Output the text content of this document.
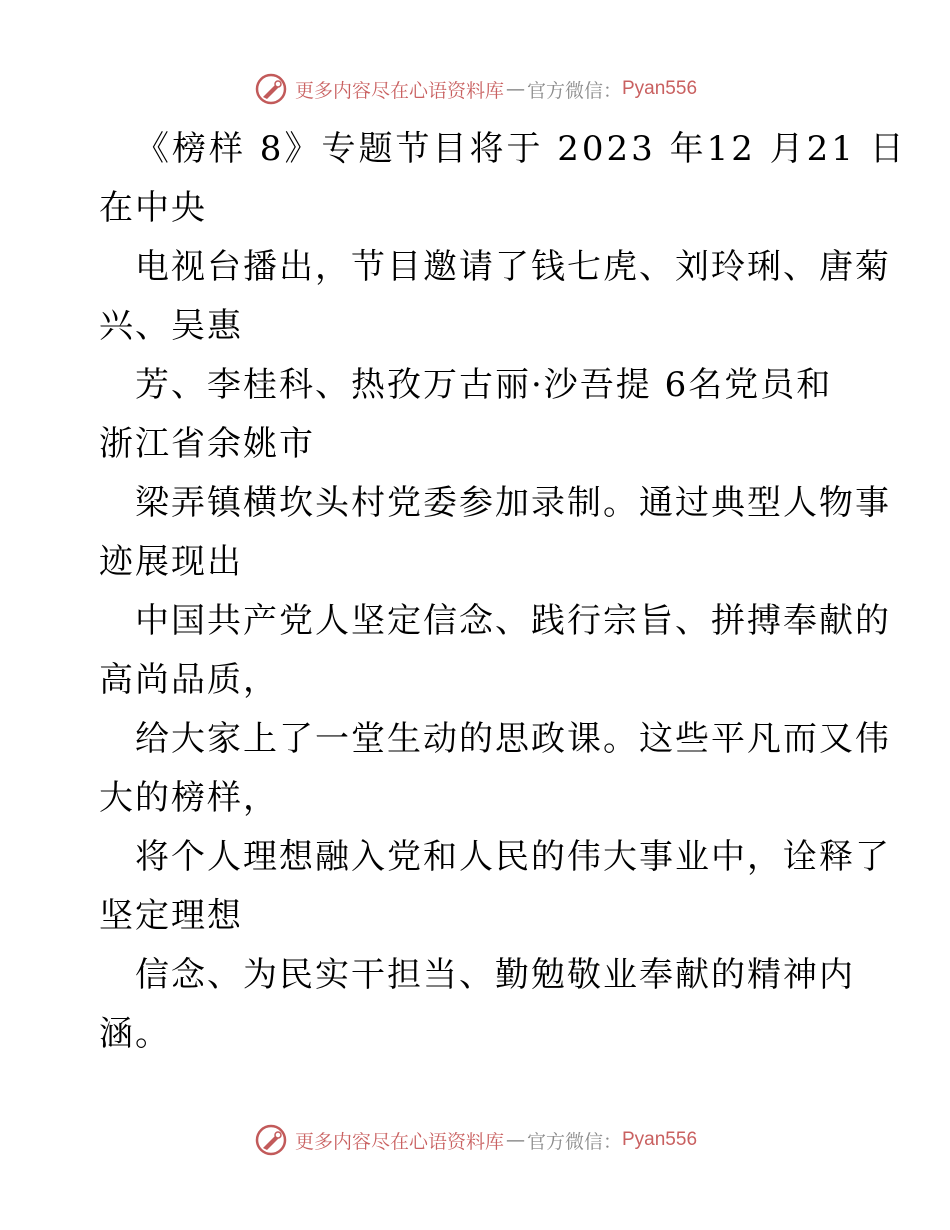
更多内容尽在心语资料库 — 官方微信： Pyan556
《榜样 8》专题节目将于 2023 年12 月21 日
在中央
电视台播出，节目邀请了钱七虎、刘玲琍、唐菊
兴、吴惠
芳、李桂科、热孜万古丽·沙吾提 6名党员和
浙江省余姚市
梁弄镇横坎头村党委参加录制。通过典型人物事
迹展现出
中国共产党人坚定信念、践行宗旨、拼搏奉献的
高尚品质，
给大家上了一堂生动的思政课。这些平凡而又伟
大的榜样，
将个人理想融入党和人民的伟大事业中，诠释了
坚定理想
信念、为民实干担当、勤勉敬业奉献的精神内
涵。
更多内容尽在心语资料库 — 官方微信： Pyan556
